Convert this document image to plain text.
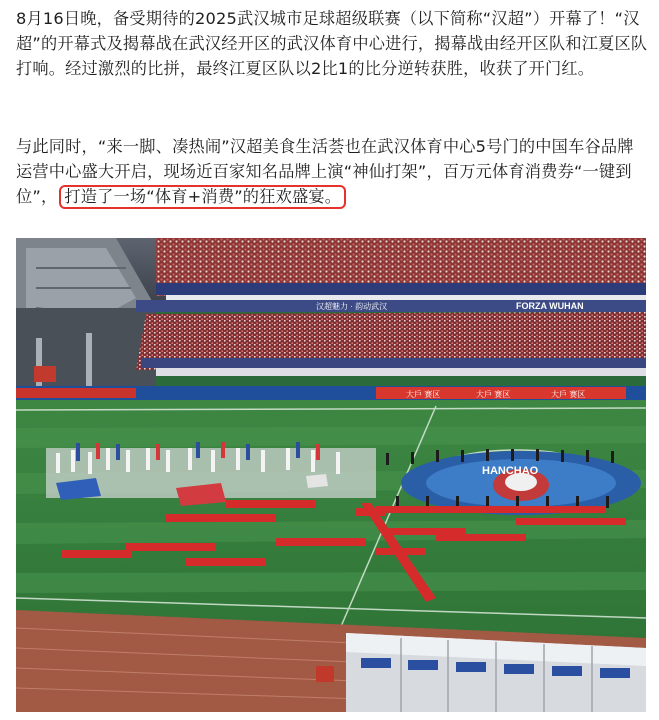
8月16日晚，备受期待的2025武汉城市足球超级联赛（以下简称“汉超”）开幕了！“汉超”的开幕式及揭幕战在武汉经开区的武汉体育中心进行，揭幕战由经开区队和江夏区队打响。经过激烈的比拼，最终江夏区队以2比1的比分逆转获胜，收获了开门红。

与此同时，“来一脚、凑热闹”汉超美食生活荟也在武汉体育中心5号门的中国车谷品牌运营中心盛大开启，现场近百家知名品牌上演“神仙打架”，百万元体育消费券“一键到位”， 打造了一场“体育+消费”的狂欢盛宴。

汉超魅力 · 韵动武汉	FORZA WUHAN
大戶 赛区	大戶 赛区	大戶 赛区
HANCHAO
